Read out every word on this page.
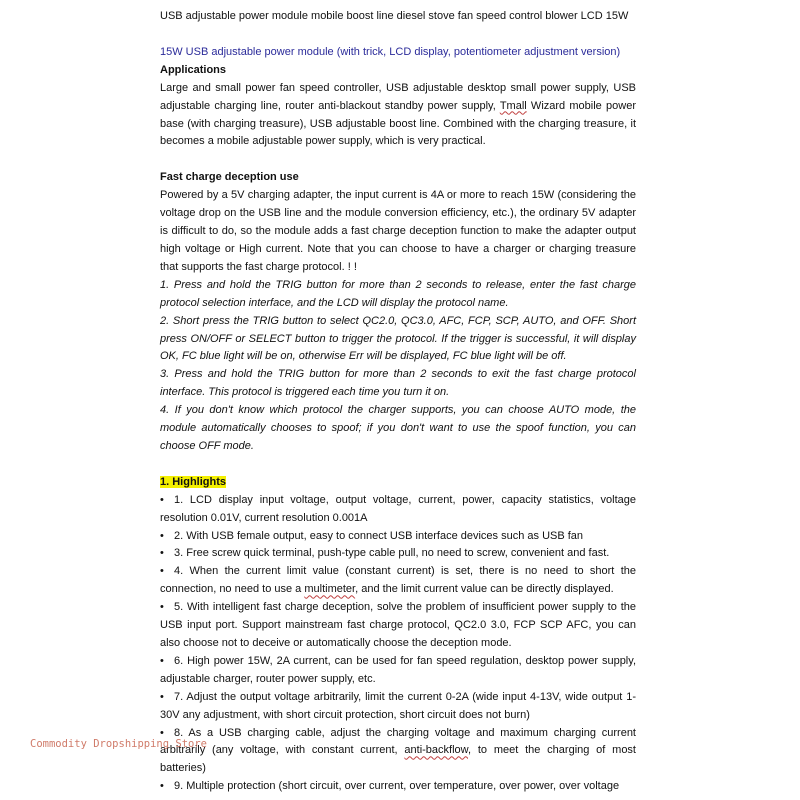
USB adjustable power module mobile boost line diesel stove fan speed control blower LCD 15W

15W USB adjustable power module (with trick, LCD display, potentiometer adjustment version)

Applications

Large and small power fan speed controller, USB adjustable desktop small power supply, USB adjustable charging line, router anti-blackout standby power supply, Tmall Wizard mobile power base (with charging treasure), USB adjustable boost line. Combined with the charging treasure, it becomes a mobile adjustable power supply, which is very practical.

Fast charge deception use

Powered by a 5V charging adapter, the input current is 4A or more to reach 15W (considering the voltage drop on the USB line and the module conversion efficiency, etc.), the ordinary 5V adapter is difficult to do, so the module adds a fast charge deception function to make the adapter output high voltage or High current. Note that you can choose to have a charger or charging treasure that supports the fast charge protocol. ! !

1. Press and hold the TRIG button for more than 2 seconds to release, enter the fast charge protocol selection interface, and the LCD will display the protocol name.

2. Short press the TRIG button to select QC2.0, QC3.0, AFC, FCP, SCP, AUTO, and OFF. Short press ON/OFF or SELECT button to trigger the protocol. If the trigger is successful, it will display OK, FC blue light will be on, otherwise Err will be displayed, FC blue light will be off.

3. Press and hold the TRIG button for more than 2 seconds to exit the fast charge protocol interface. This protocol is triggered each time you turn it on.

4. If you don't know which protocol the charger supports, you can choose AUTO mode, the module automatically chooses to spoof; if you don't want to use the spoof function, you can choose OFF mode.

1. Highlights

• 1. LCD display input voltage, output voltage, current, power, capacity statistics, voltage resolution 0.01V, current resolution 0.001A

• 2. With USB female output, easy to connect USB interface devices such as USB fan

• 3. Free screw quick terminal, push-type cable pull, no need to screw, convenient and fast.

• 4. When the current limit value (constant current) is set, there is no need to short the connection, no need to use a multimeter, and the limit current value can be directly displayed.

• 5. With intelligent fast charge deception, solve the problem of insufficient power supply to the USB input port. Support mainstream fast charge protocol, QC2.0 3.0, FCP SCP AFC, you can also choose not to deceive or automatically choose the deception mode.

• 6. High power 15W, 2A current, can be used for fan speed regulation, desktop power supply, adjustable charger, router power supply, etc.

• 7. Adjust the output voltage arbitrarily, limit the current 0-2A (wide input 4-13V, wide output 1-30V any adjustment, with short circuit protection, short circuit does not burn)

• 8. As a USB charging cable, adjust the charging voltage and maximum charging current arbitrarily (any voltage, with constant current, anti-backflow, to meet the charging of most batteries)

• 9. Multiple protection (short circuit, over current, over temperature, over power, over voltage

Commodity Dropshipping Store
